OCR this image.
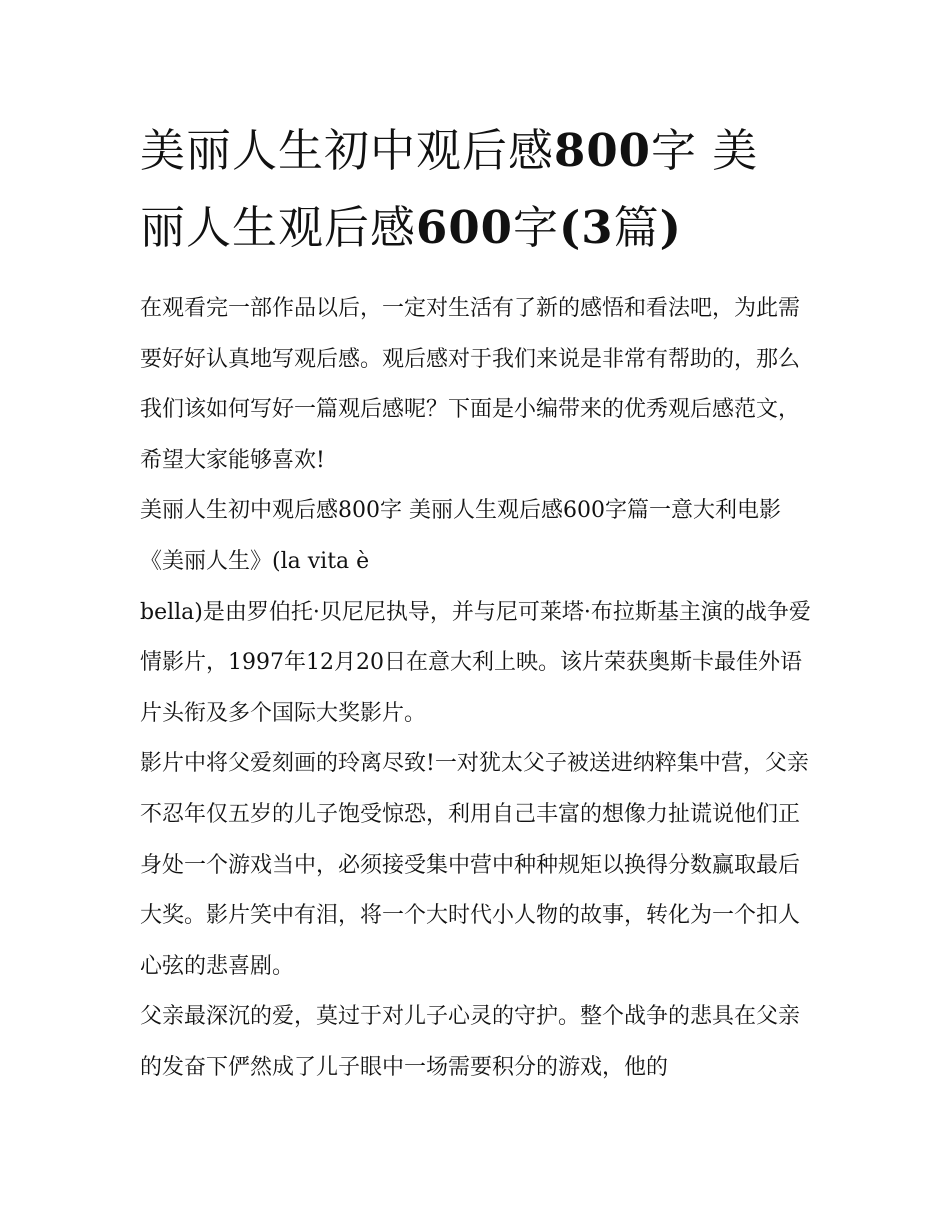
美丽人生初中观后感800字 美
丽人生观后感600字(3篇)

在观看完一部作品以后，一定对生活有了新的感悟和看法吧，为此需要好好认真地写观后感。观后感对于我们来说是非常有帮助的，那么我们该如何写好一篇观后感呢？下面是小编带来的优秀观后感范文，希望大家能够喜欢!

美丽人生初中观后感800字 美丽人生观后感600字篇一意大利电影《美丽人生》(la vita è

bella)是由罗伯托·贝尼尼执导，并与尼可莱塔·布拉斯基主演的战争爱情影片，1997年12月20日在意大利上映。该片荣获奥斯卡最佳外语片头衔及多个国际大奖影片。

影片中将父爱刻画的玲离尽致!一对犹太父子被送进纳粹集中营，父亲不忍年仅五岁的儿子饱受惊恐，利用自己丰富的想像力扯谎说他们正身处一个游戏当中，必须接受集中营中种种规矩以换得分数赢取最后大奖。影片笑中有泪，将一个大时代小人物的故事，转化为一个扣人心弦的悲喜剧。

父亲最深沉的爱，莫过于对儿子心灵的守护。整个战争的悲具在父亲的发奋下俨然成了儿子眼中一场需要积分的游戏，他的
